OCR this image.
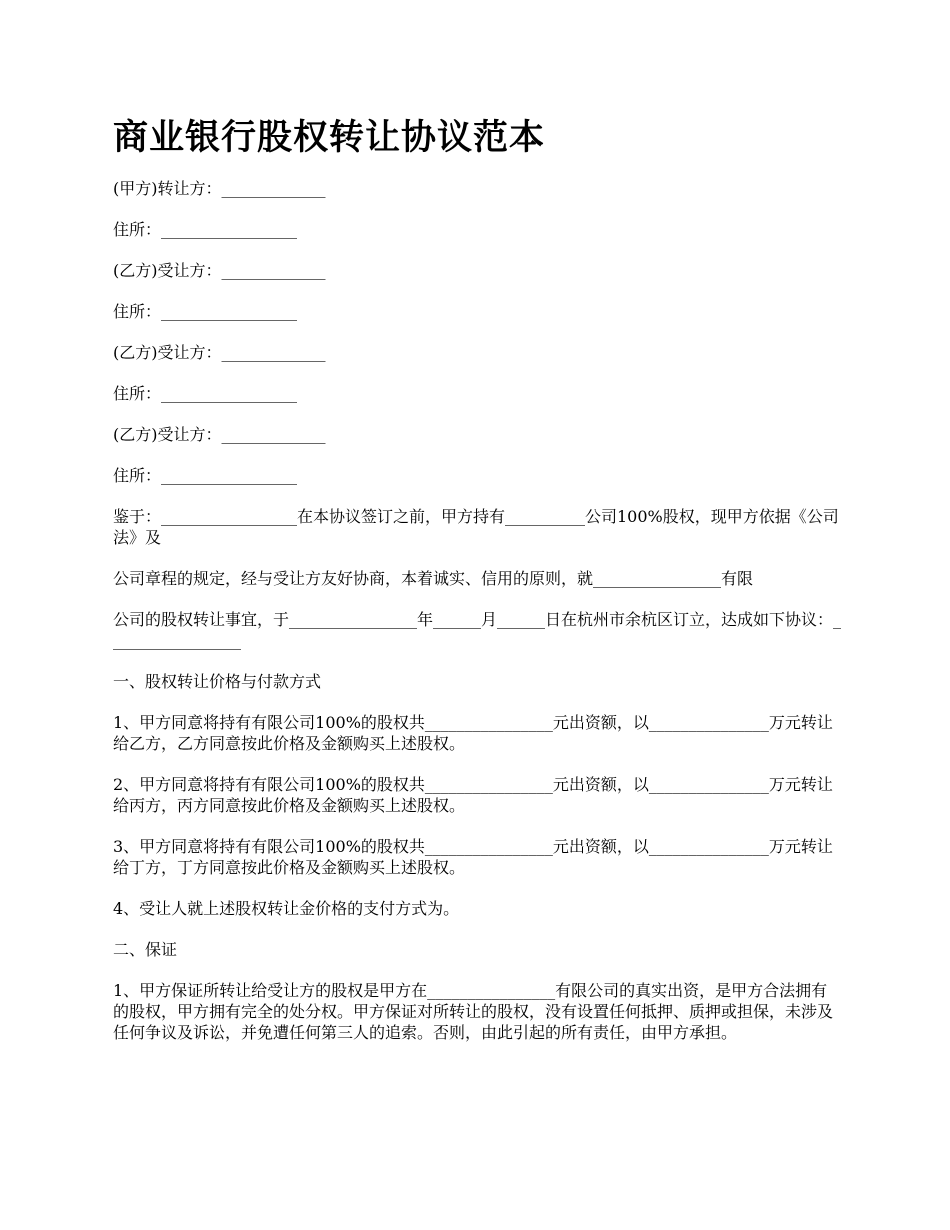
商业银行股权转让协议范本

(甲方)转让方：_____________

住所：_________________

(乙方)受让方：_____________

住所：_________________

(乙方)受让方：_____________

住所：_________________

(乙方)受让方：_____________

住所：_________________

鉴于：_________________在本协议签订之前，甲方持有__________公司100%股权，现甲方依据《公司法》及

公司章程的规定，经与受让方友好协商，本着诚实、信用的原则，就________________有限

公司的股权转让事宜，于________________年______月______日在杭州市余杭区订立，达成如下协议：_________________

一、股权转让价格与付款方式

1、甲方同意将持有有限公司100%的股权共________________元出资额，以_______________万元转让给乙方，乙方同意按此价格及金额购买上述股权。

2、甲方同意将持有有限公司100%的股权共________________元出资额，以_______________万元转让给丙方，丙方同意按此价格及金额购买上述股权。

3、甲方同意将持有有限公司100%的股权共________________元出资额，以_______________万元转让给丁方，丁方同意按此价格及金额购买上述股权。

4、受让人就上述股权转让金价格的支付方式为。

二、保证

1、甲方保证所转让给受让方的股权是甲方在________________有限公司的真实出资，是甲方合法拥有的股权，甲方拥有完全的处分权。甲方保证对所转让的股权，没有设置任何抵押、质押或担保，未涉及任何争议及诉讼，并免遭任何第三人的追索。否则，由此引起的所有责任，由甲方承担。
